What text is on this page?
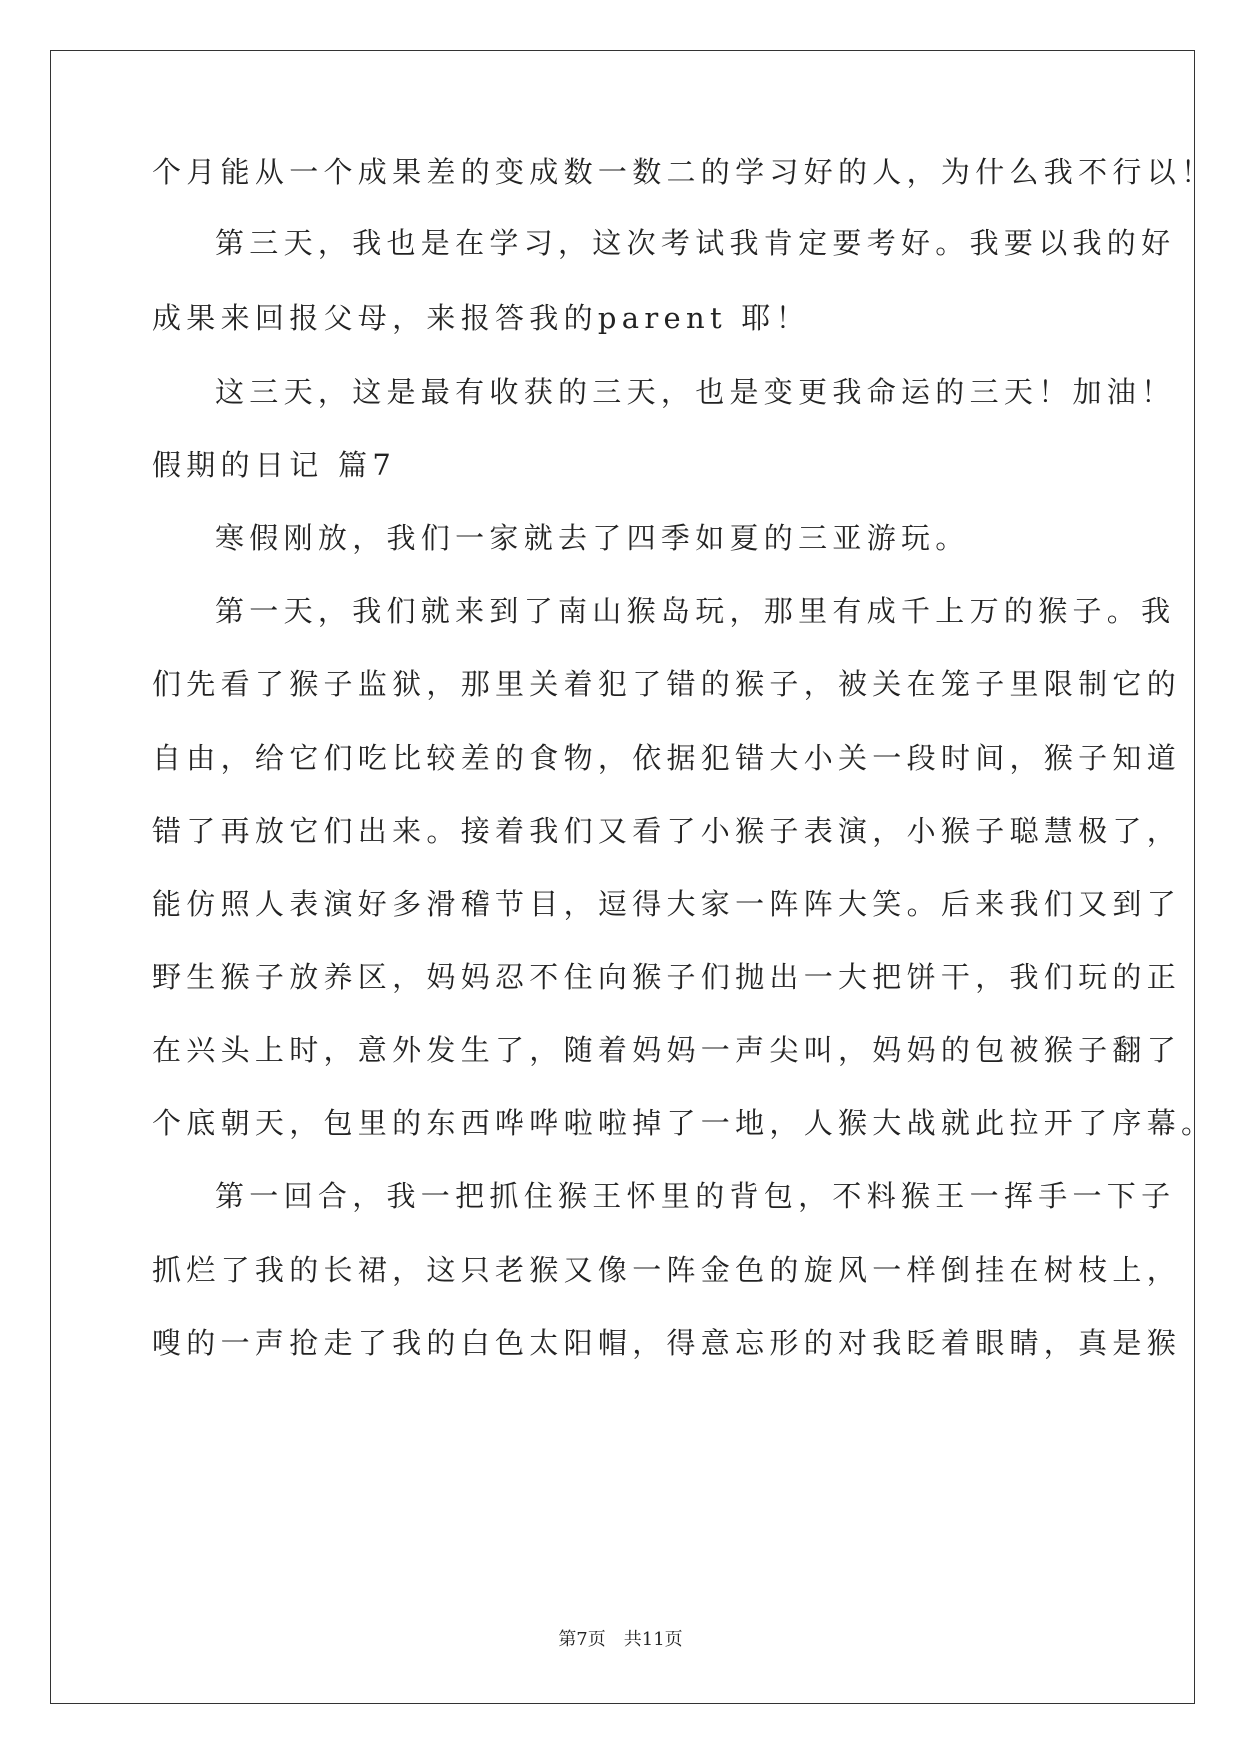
个月能从一个成果差的变成数一数二的学习好的人，为什么我不行以！
第三天，我也是在学习，这次考试我肯定要考好。我要以我的好
成果来回报父母，来报答我的parent 耶！
这三天，这是最有收获的三天，也是变更我命运的三天！加油！
假期的日记 篇7
寒假刚放，我们一家就去了四季如夏的三亚游玩。
第一天，我们就来到了南山猴岛玩，那里有成千上万的猴子。我
们先看了猴子监狱，那里关着犯了错的猴子，被关在笼子里限制它的
自由，给它们吃比较差的食物，依据犯错大小关一段时间，猴子知道
错了再放它们出来。接着我们又看了小猴子表演，小猴子聪慧极了，
能仿照人表演好多滑稽节目，逗得大家一阵阵大笑。后来我们又到了
野生猴子放养区，妈妈忍不住向猴子们抛出一大把饼干，我们玩的正
在兴头上时，意外发生了，随着妈妈一声尖叫，妈妈的包被猴子翻了
个底朝天，包里的东西哗哗啦啦掉了一地，人猴大战就此拉开了序幕。
第一回合，我一把抓住猴王怀里的背包，不料猴王一挥手一下子
抓烂了我的长裙，这只老猴又像一阵金色的旋风一样倒挂在树枝上，
嗖的一声抢走了我的白色太阳帽，得意忘形的对我眨着眼睛，真是猴
第7页 共11页
